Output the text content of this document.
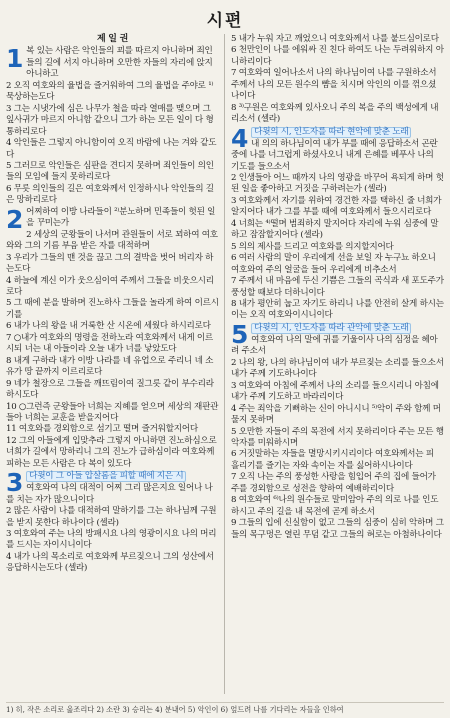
시편
제 일 권
1 복 있는 사람은 악인들의 꾀를 따르지 아니하며 죄인들의 길에 서지 아니하며 오만한 자들의 자리에 앉지 아니하고

2 오직 여호와의 율법을 즐거워하여 그의 율법을 주야로 ¹⁾묵상하는도다

3 그는 시냇가에 심은 나무가 철을 따라 열매를 맺으며 그 잎사귀가 마르지 아니함 같으니 그가 하는 모든 일이 다 형통하리로다

4 악인들은 그렇지 아니함이여 오직 바람에 나는 겨와 같도다

5 그러므로 악인들은 심판을 견디지 못하며 죄인들이 의인들의 모임에 들지 못하리로다

6 무릇 의인들의 길은 여호와께서 인정하시나 악인들의 길은 망하리로다

2 어찌하여 이방 나라들이 ²⁾분노하며 민족들이 헛된 일을 꾸미는가

2 세상의 군왕들이 나서며 관원들이 서로 꾀하여 여호와와 그의 기름 부음 받은 자를 대적하며

3 우리가 그들의 맨 것을 끊고 그의 결박을 벗어 버리자 하는도다

4 하늘에 계신 이가 웃으심이여 주께서 그들을 비웃으시리로다

5 그 때에 분을 발하며 진노하사 그들을 놀라게 하여 이르시기를

6 내가 나의 왕을 내 거룩한 산 시온에 세웠다 하시리로다

7 ○내가 여호와의 명령을 전하노라 여호와께서 내게 이르시되 너는 내 아들이라 오늘 내가 너를 낳았도다

8 내게 구하라 내가 이방 나라를 네 유업으로 주리니 네 소유가 땅 끝까지 이르리로다

9 네가 철장으로 그들을 깨뜨림이여 질그릇 같이 부수리라 하시도다

10 ○그런즉 군왕들아 너희는 지혜를 얻으며 세상의 재판관들아 너희는 교훈을 받을지어다

11 여호와를 경외함으로 섬기고 떨며 즐거워할지어다

12 그의 아들에게 입맞추라 그렇지 아니하면 진노하심으로 너희가 길에서 망하리니 그의 진노가 급하심이라 여호와께 피하는 모든 사람은 다 복이 있도다

3 다윗이 그 아들 압살롬을 피할 때에 지은 시

여호와여 나의 대적이 어찌 그리 많은지요 일어나 나를 치는 자가 많으니이다

2 많은 사람이 나를 대적하여 말하기를 그는 하나님께 구원을 받지 못한다 하나이다 (셀라)

3 여호와여 주는 나의 방패시요 나의 영광이시요 나의 머리를 드시는 자이시니이다

4 내가 나의 목소리로 여호와께 부르짖으니 그의 성산에서 응답하시는도다 (셀라)

5 내가 누워 자고 깨었으니 여호와께서 나를 붙드심이로다

6 천만인이 나를 에워싸 진 친다 하여도 나는 두려워하지 아니하리이다

7 여호와여 일어나소서 나의 하나님이여 나를 구원하소서 주께서 나의 모든 원수의 뺨을 치시며 악인의 이를 꺾으셨나이다

8 ³⁾구원은 여호와께 있사오니 주의 복을 주의 백성에게 내리소서 (셀라)

4 다윗의 시, 인도자를 따라 현악에 맞춘 노래

내 의의 하나님이여 내가 부를 때에 응답하소서 곤란 중에 나를 너그럽게 하셨사오니 내게 은혜를 베푸사 나의 기도를 들으소서

2 인생들아 어느 때까지 나의 영광을 바꾸어 욕되게 하며 헛된 일을 좋아하고 거짓을 구하려는가 (셀라)

3 여호와께서 자기를 위하여 경건한 자를 택하신 줄 너희가 알지어다 내가 그를 부를 때에 여호와께서 들으시리로다

4 너희는 ⁴⁾떨며 범죄하지 말지어다 자리에 누워 심중에 말하고 잠잠할지어다 (셀라)

5 의의 제사를 드리고 여호와를 의지할지어다

6 여러 사람의 말이 우리에게 선을 보일 자 누구뇨 하오니 여호와여 주의 얼굴을 들어 우리에게 비추소서

7 주께서 내 마음에 두신 기쁨은 그들의 곡식과 새 포도주가 풍성할 때보다 더하니이다

8 내가 평안히 눕고 자기도 하리니 나를 안전히 살게 하시는 이는 오직 여호와이시니이다

5 다윗의 시, 인도자를 따라 관악에 맞춘 노래

여호와여 나의 말에 귀를 기울이사 나의 심정을 헤아려 주소서

2 나의 왕, 나의 하나님이여 내가 부르짖는 소리를 들으소서 내가 주께 기도하나이다

3 여호와여 아침에 주께서 나의 소리를 들으시리니 아침에 내가 주께 기도하고 바라리이다

4 주는 죄악을 기뻐하는 신이 아니시니 ⁵⁾악이 주와 함께 머물지 못하며

5 오만한 자들이 주의 목전에 서지 못하리이다 주는 모든 행악자를 미워하시며

6 거짓말하는 자들을 멸망시키시리이다 여호와께서는 피 흘리기를 즐기는 자와 속이는 자를 싫어하시나이다

7 오직 나는 주의 풍성한 사랑을 힘입어 주의 집에 들어가 주를 경외함으로 성전을 향하여 예배하리이다

8 여호와여 ⁶⁾나의 원수들로 말미암아 주의 의로 나를 인도하시고 주의 길을 내 목전에 곧게 하소서

9 그들의 입에 신실함이 없고 그들의 심중이 심히 악하며 그들의 목구멍은 열린 무덤 같고 그들의 혀로는 아첨하나이다

1) 히, 작은 소리로 읊조리다 2) 소란 3) 승리는 4) 분내어 5) 악인이 6) 엎드려 나를 기다리는 자들을 인하여
